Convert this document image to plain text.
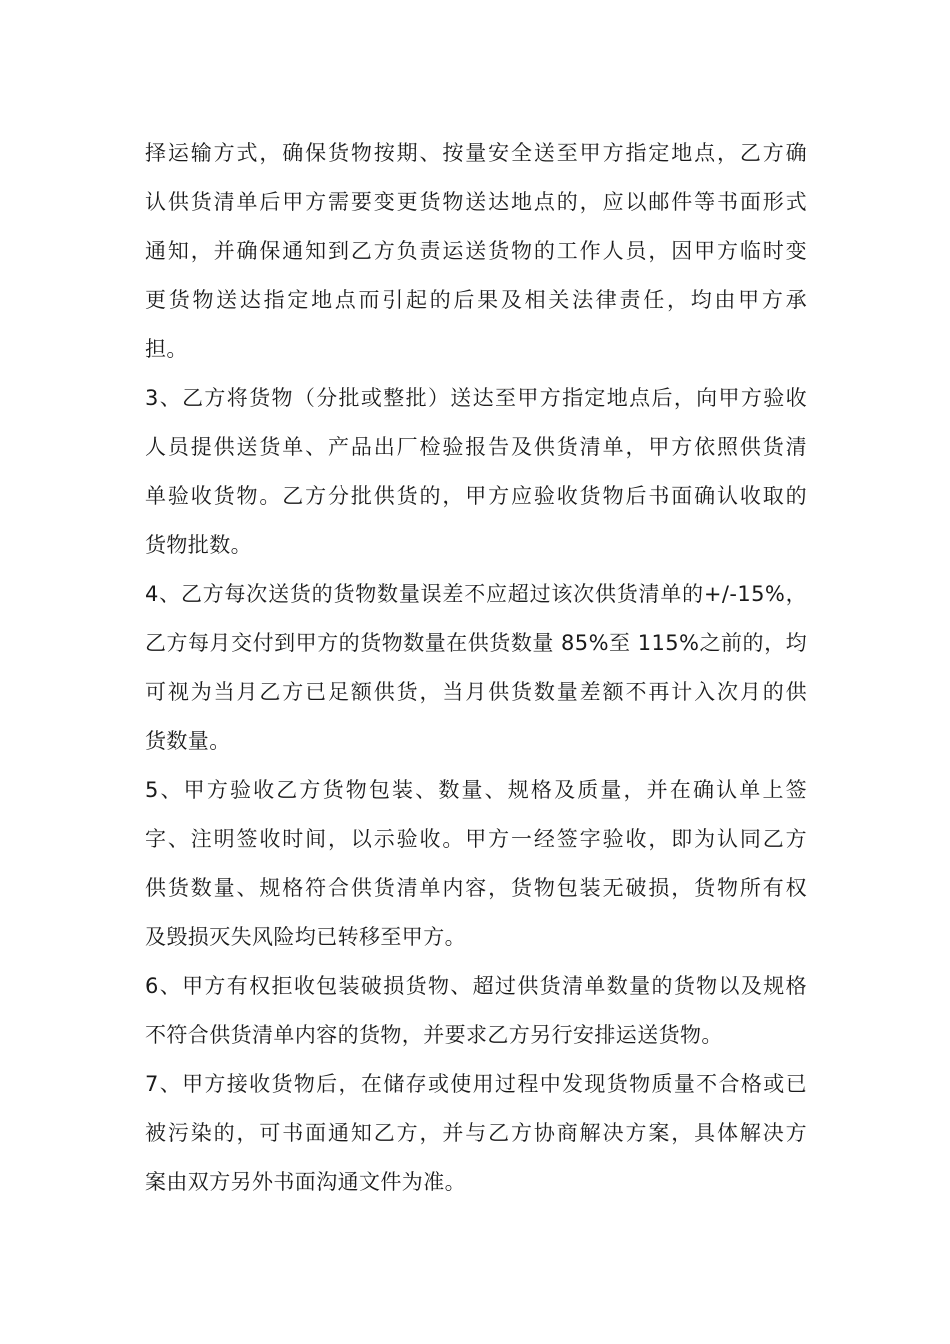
择运输方式，确保货物按期、按量安全送至甲方指定地点，乙方确
认供货清单后甲方需要变更货物送达地点的，应以邮件等书面形式
通知，并确保通知到乙方负责运送货物的工作人员，因甲方临时变
更货物送达指定地点而引起的后果及相关法律责任，均由甲方承
担。
3、乙方将货物（分批或整批）送达至甲方指定地点后，向甲方验收
人员提供送货单、产品出厂检验报告及供货清单，甲方依照供货清
单验收货物。乙方分批供货的，甲方应验收货物后书面确认收取的
货物批数。
4、乙方每次送货的货物数量误差不应超过该次供货清单的+/-15%，
乙方每月交付到甲方的货物数量在供货数量 85%至 115%之前的，均
可视为当月乙方已足额供货，当月供货数量差额不再计入次月的供
货数量。
5、甲方验收乙方货物包装、数量、规格及质量，并在确认单上签
字、注明签收时间，以示验收。甲方一经签字验收，即为认同乙方
供货数量、规格符合供货清单内容，货物包装无破损，货物所有权
及毁损灭失风险均已转移至甲方。
6、甲方有权拒收包装破损货物、超过供货清单数量的货物以及规格
不符合供货清单内容的货物，并要求乙方另行安排运送货物。
7、甲方接收货物后，在储存或使用过程中发现货物质量不合格或已
被污染的，可书面通知乙方，并与乙方协商解决方案，具体解决方
案由双方另外书面沟通文件为准。
